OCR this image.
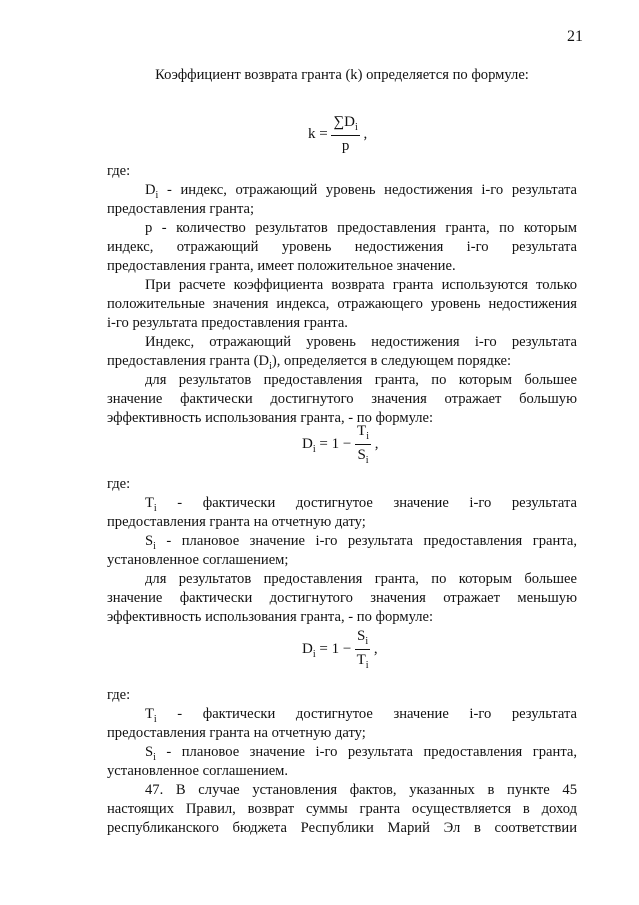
21
Коэффициент возврата гранта (k) определяется по формуле:
$k = \frac{\sum D_i}{p}$ ,
где:
$D_i$ - индекс, отражающий уровень недостижения i-го результата
предоставления гранта;
p - количество результатов предоставления гранта, по которым
индекс, отражающий уровень недостижения i-го результата
предоставления гранта, имеет положительное значение.
При расчете коэффициента возврата гранта используются только
положительные значения индекса, отражающего уровень недостижения
i-го результата предоставления гранта.
Индекс, отражающий уровень недостижения i-го результата
предоставления гранта $(D_i)$, определяется в следующем порядке:
для результатов предоставления гранта, по которым большее
значение фактически достигнутого значения отражает большую
эффективность использования гранта, - по формуле:
$D_i = 1 - \frac{T_i}{S_i}$ ,
где:
$T_i$ - фактически достигнутое значение i-го результата
предоставления гранта на отчетную дату;
$S_i$ - плановое значение i-го результата предоставления гранта,
установленное соглашением;
для результатов предоставления гранта, по которым большее
значение фактически достигнутого значения отражает меньшую
эффективность использования гранта, - по формуле:
$D_i = 1 - \frac{S_i}{T_i}$ ,
где:
$T_i$ - фактически достигнутое значение i-го результата
предоставления гранта на отчетную дату;
$S_i$ - плановое значение i-го результата предоставления гранта,
установленное соглашением.
47. В случае установления фактов, указанных в пункте 45
настоящих Правил, возврат суммы гранта осуществляется в доход
республиканского бюджета Республики Марий Эл в соответствии
